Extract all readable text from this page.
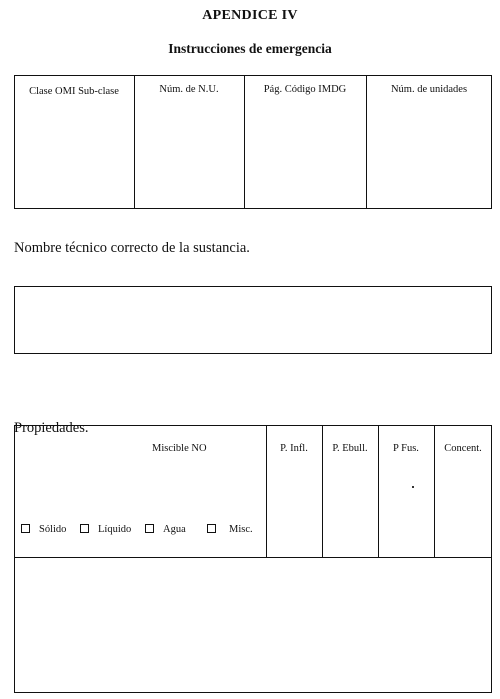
APENDICE IV
Instrucciones de emergencia
Clase OMI Sub-clase	Núm. de N.U.	Pág. Código IMDG	Núm. de unidades
Nombre técnico correcto de la sustancia.
Propiedades.
Miscible NO
Sólido	Líquido	Agua	Misc.
P. Infl.	P. Ebull.	P Fus.	Concent.
